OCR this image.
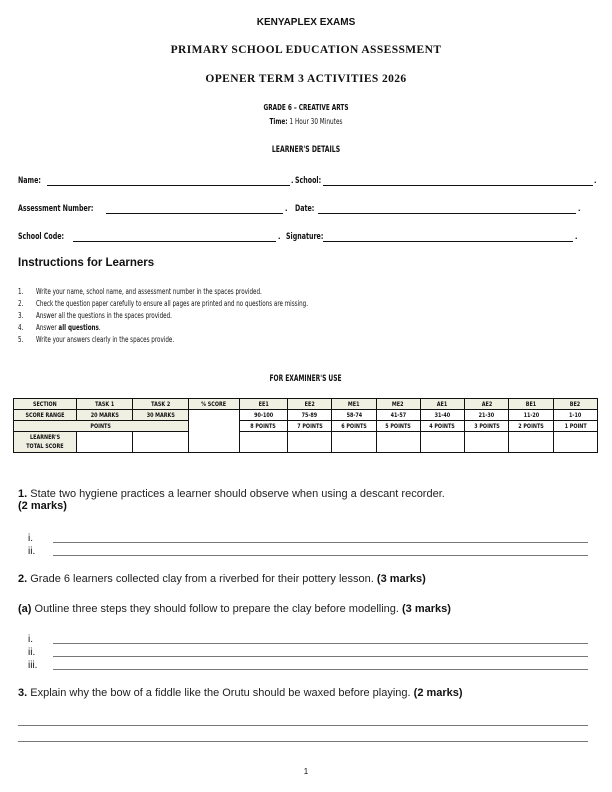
KENYAPLEX EXAMS
PRIMARY SCHOOL EDUCATION ASSESSMENT
OPENER TERM 3 ACTIVITIES 2026
GRADE 6 – CREATIVE ARTS
Time: 1 Hour 30 Minutes
LEARNER'S DETAILS
Name:	. School:	.
Assessment Number:	. Date:	.
School Code:	. Signature:	.
Instructions for Learners
1. Write your name, school name, and assessment number in the spaces provided.
2. Check the question paper carefully to ensure all pages are printed and no questions are missing.
3. Answer all the questions in the spaces provided.
4. Answer all questions.
5. Write your answers clearly in the spaces provide.
FOR EXAMINER'S USE
SECTION	TASK 1	TASK 2	% SCORE	EE1	EE2	ME1	ME2	AE1	AE2	BE1	BE2
SCORE RANGE	20 MARKS	30 MARKS		90-100	75-89	58-74	41-57	31-40	21-30	11-20	1-10
POINTS				8 POINTS	7 POINTS	6 POINTS	5 POINTS	4 POINTS	3 POINTS	2 POINTS	1 POINT
LEARNER'S
TOTAL SCORE											
1. State two hygiene practices a learner should observe when using a descant recorder.
(2 marks)
i.
ii.
2. Grade 6 learners collected clay from a riverbed for their pottery lesson. (3 marks)
(a) Outline three steps they should follow to prepare the clay before modelling. (3 marks)
i.
ii.
iii.
3. Explain why the bow of a fiddle like the Orutu should be waxed before playing. (2 marks)
1
